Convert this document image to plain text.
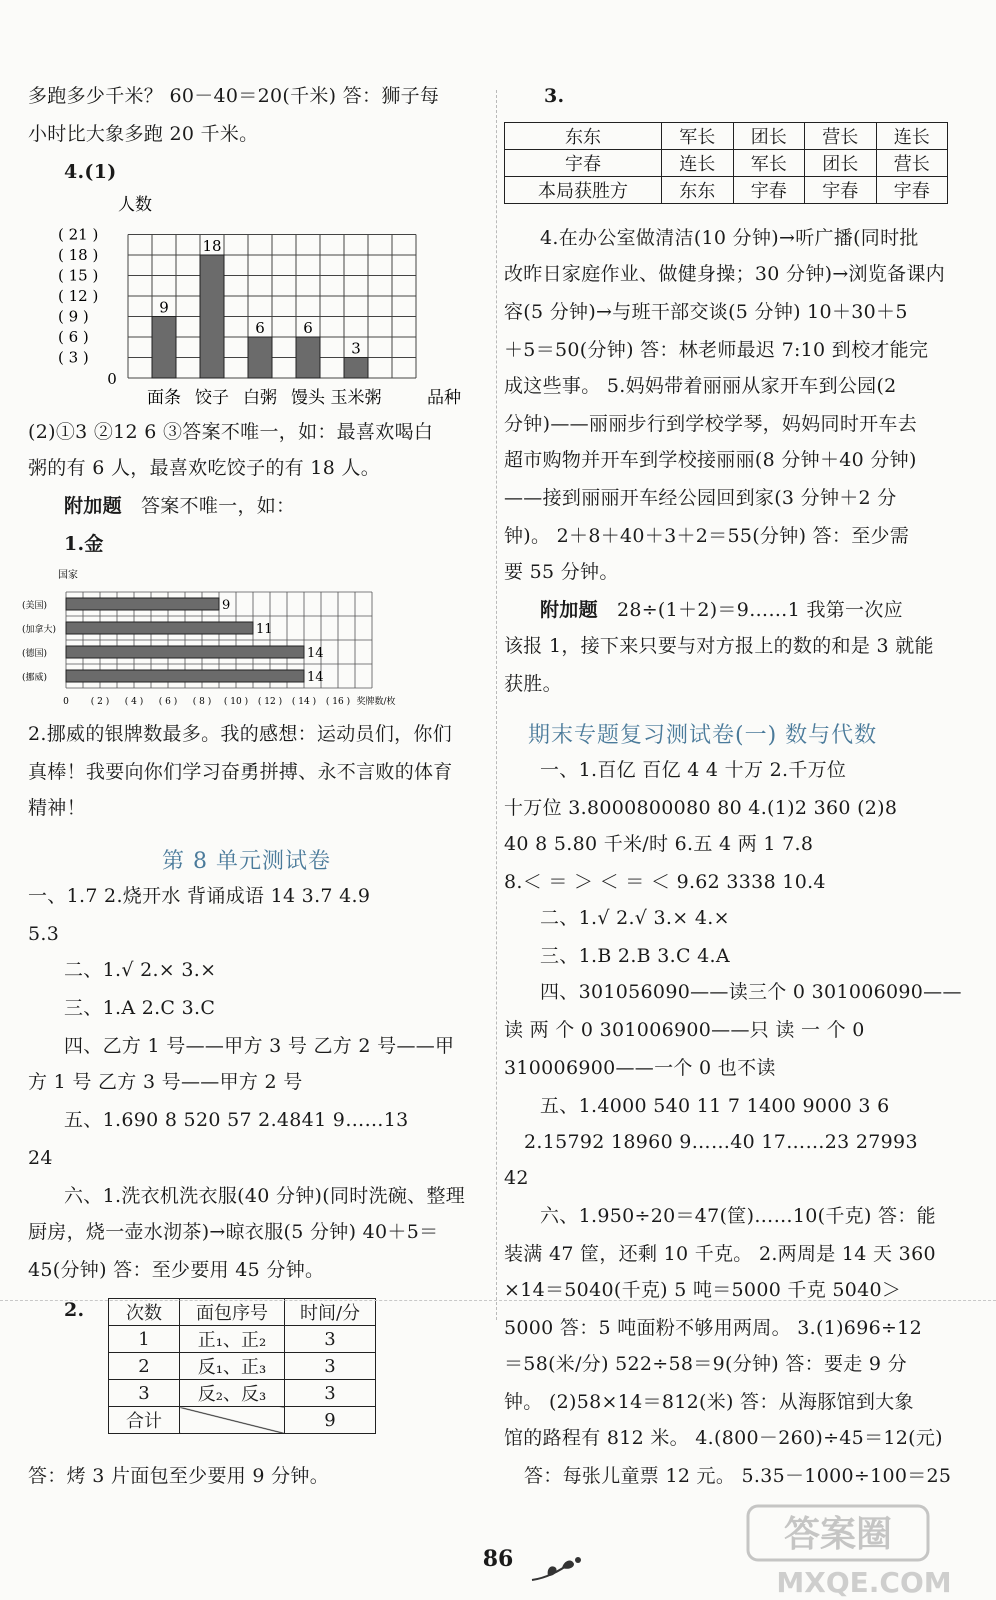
多跑多少千米？ 60－40＝20(千米) 答：狮子每
小时比大象多跑 20 千米。
4.(1)
人数
0
( 21 )
( 18 )
( 15 )
( 12 )
( 9 )
( 6 )
( 3 )
9
面条
18
饺子
6
白粥
6
馒头
3
玉米粥	品种
(2)①3 ②12 6 ③答案不唯一，如：最喜欢喝白
粥的有 6 人，最喜欢吃饺子的有 18 人。
附加题 答案不唯一，如：
1.金
国家
9
(美国)
11
(加拿大)
14
(德国)
14
(挪威)
0 ( 2 ) ( 4 ) ( 6 ) ( 8 ) ( 10 ) ( 12 ) ( 14 ) ( 16 ) 奖牌数/枚
2.挪威的银牌数最多。我的感想：运动员们，你们
真棒！我要向你们学习奋勇拼搏、永不言败的体育
精神！
第 8 单元测试卷
一、1.7 2.烧开水 背诵成语 14 3.7 4.9
5.3
二、1.√ 2.× 3.×
三、1.A 2.C 3.C
四、乙方 1 号——甲方 3 号 乙方 2 号——甲
方 1 号 乙方 3 号——甲方 2 号
五、1.690 8 520 57 2.4841 9……13
24
六、1.洗衣机洗衣服(40 分钟)(同时洗碗、整理
厨房，烧一壶水沏茶)→晾衣服(5 分钟) 40＋5＝
45(分钟) 答：至少要用 45 分钟。
2. 次数	面包序号	时间/分
1	正₁、正₂	3
2	反₁、正₃	3
3	反₂、反₃	3
合计		9
答：烤 3 片面包至少要用 9 分钟。
3.
东东	军长	团长	营长	连长
宇春	连长	军长	团长	营长
本局获胜方	东东	宇春	宇春	宇春
4.在办公室做清洁(10 分钟)→听广播(同时批
改昨日家庭作业、做健身操；30 分钟)→浏览备课内
容(5 分钟)→与班干部交谈(5 分钟) 10＋30＋5
＋5＝50(分钟) 答：林老师最迟 7:10 到校才能完
成这些事。 5.妈妈带着丽丽从家开车到公园(2
分钟)——丽丽步行到学校学琴，妈妈同时开车去
超市购物并开车到学校接丽丽(8 分钟＋40 分钟)
——接到丽丽开车经公园回到家(3 分钟＋2 分
钟)。 2＋8＋40＋3＋2＝55(分钟) 答：至少需
要 55 分钟。
附加题 28÷(1＋2)＝9……1 我第一次应
该报 1，接下来只要与对方报上的数的和是 3 就能
获胜。
期末专题复习测试卷(一) 数与代数
一、1.百亿 百亿 4 4 十万 2.千万位
十万位 3.8000800080 80 4.(1)2 360 (2)8
40 8 5.80 千米/时 6.五 4 两 1 7.8
8.＜ ＝ ＞ ＜ ＝ ＜ 9.62 3338 10.4
二、1.√ 2.√ 3.× 4.×
三、1.B 2.B 3.C 4.A
四、301056090——读三个 0 301006090——
读 两 个 0 301006900——只 读 一 个 0
310006900——一个 0 也不读
五、1.4000 540 11 7 1400 9000 3 6
2.15792 18960 9……40 17……23 27993
42
六、1.950÷20＝47(筐)……10(千克) 答：能
装满 47 筐，还剩 10 千克。 2.两周是 14 天 360
×14＝5040(千克) 5 吨＝5000 千克 5040＞
5000 答：5 吨面粉不够用两周。 3.(1)696÷12
＝58(米/分) 522÷58＝9(分钟) 答：要走 9 分
钟。 (2)58×14＝812(米) 答：从海豚馆到大象
馆的路程有 812 米。 4.(800－260)÷45＝12(元)
答：每张儿童票 12 元。 5.35－1000÷100＝25
86
答案圈
MXQE.COM
